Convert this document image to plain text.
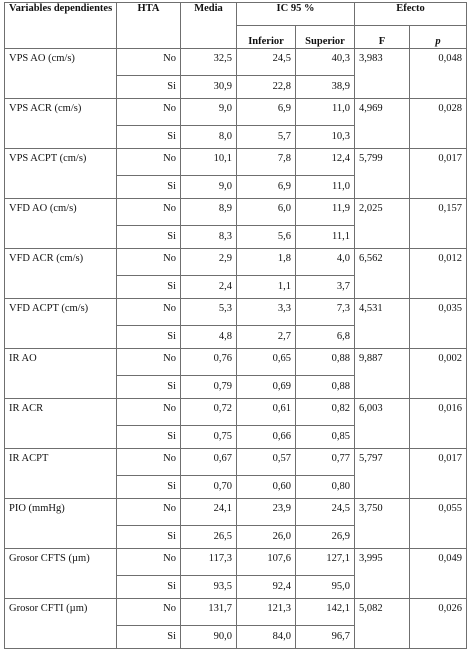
Variables dependientes	HTA	Media	IC 95 %		Efecto	
			Inferior	Superior	F	p
VPS AO (cm/s)	No	32,5	24,5	40,3	3,983	0,048
	Si	30,9	22,8	38,9		
VPS ACR (cm/s)	No	9,0	6,9	11,0	4,969	0,028
	Si	8,0	5,7	10,3		
VPS ACPT (cm/s)	No	10,1	7,8	12,4	5,799	0,017
	Si	9,0	6,9	11,0		
VFD AO (cm/s)	No	8,9	6,0	11,9	2,025	0,157
	Si	8,3	5,6	11,1		
VFD ACR (cm/s)	No	2,9	1,8	4,0	6,562	0,012
	Si	2,4	1,1	3,7		
VFD ACPT (cm/s)	No	5,3	3,3	7,3	4,531	0,035
	Si	4,8	2,7	6,8		
IR AO	No	0,76	0,65	0,88	9,887	0,002
	Si	0,79	0,69	0,88		
IR ACR	No	0,72	0,61	0,82	6,003	0,016
	Si	0,75	0,66	0,85		
IR ACPT	No	0,67	0,57	0,77	5,797	0,017
	Si	0,70	0,60	0,80		
PIO (mmHg)	No	24,1	23,9	24,5	3,750	0,055
	Si	26,5	26,0	26,9		
Grosor CFTS (µm)	No	117,3	107,6	127,1	3,995	0,049
	Si	93,5	92,4	95,0		
Grosor CFTI (µm)	No	131,7	121,3	142,1	5,082	0,026
	Si	90,0	84,0	96,7		
